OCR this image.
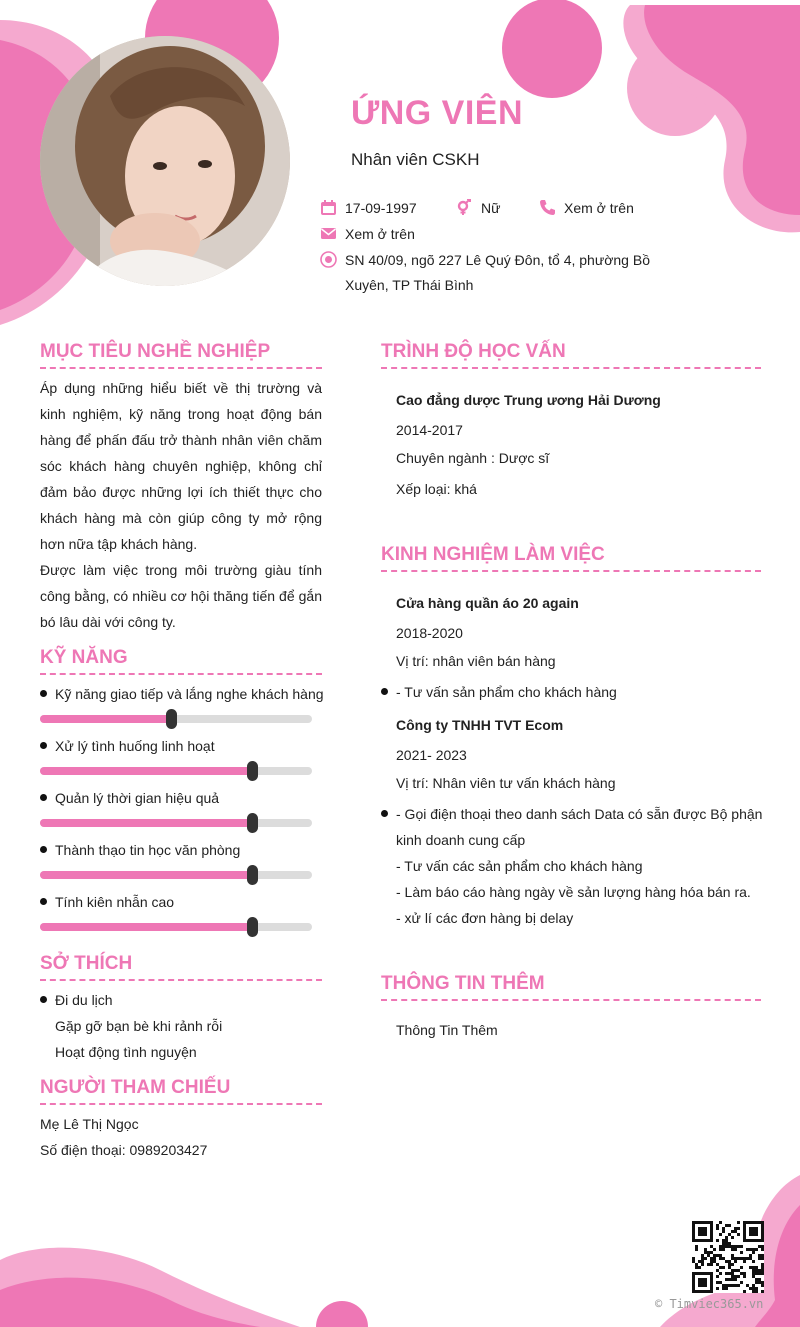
ỨNG VIÊN
Nhân viên CSKH
17-09-1997	Nữ	Xem ở trên
Xem ở trên
SN 40/09, ngõ 227 Lê Quý Đôn, tổ 4, phường Bồ
Xuyên, TP Thái Bình
MỤC TIÊU NGHỀ NGHIỆP
Áp dụng những hiểu biết về thị trường và kinh nghiệm, kỹ năng trong hoạt động bán hàng để phấn đấu trở thành nhân viên chăm sóc khách hàng chuyên nghiệp, không chỉ đảm bảo được những lợi ích thiết thực cho khách hàng mà còn giúp công ty mở rộng hơn nữa tập khách hàng.
Được làm việc trong môi trường giàu tính công bằng, có nhiều cơ hội thăng tiến để gắn bó lâu dài với công ty.
KỸ NĂNG
Kỹ năng giao tiếp và lắng nghe khách hàng
Xử lý tình huống linh hoạt
Quản lý thời gian hiệu quả
Thành thạo tin học văn phòng
Tính kiên nhẫn cao
SỞ THÍCH
Đi du lịch
Gặp gỡ bạn bè khi rảnh rỗi
Hoạt động tình nguyện
NGƯỜI THAM CHIẾU
Mẹ Lê Thị Ngọc
Số điện thoại: 0989203427
TRÌNH ĐỘ HỌC VẤN
Cao đẳng dược Trung ương Hải Dương
2014-2017
Chuyên ngành : Dược sĩ
Xếp loại: khá
KINH NGHIỆM LÀM VIỆC
Cửa hàng quần áo 20 again
2018-2020
Vị trí: nhân viên bán hàng
- Tư vấn sản phẩm cho khách hàng
Công ty TNHH TVT Ecom
2021- 2023
Vị trí: Nhân viên tư vấn khách hàng
- Gọi điện thoại theo danh sách Data có sẵn được Bộ phận
kinh doanh cung cấp
- Tư vấn các sản phẩm cho khách hàng
- Làm báo cáo hàng ngày về sản lượng hàng hóa bán ra.
- xử lí các đơn hàng bị delay
THÔNG TIN THÊM
Thông Tin Thêm
© Timviec365.vn
